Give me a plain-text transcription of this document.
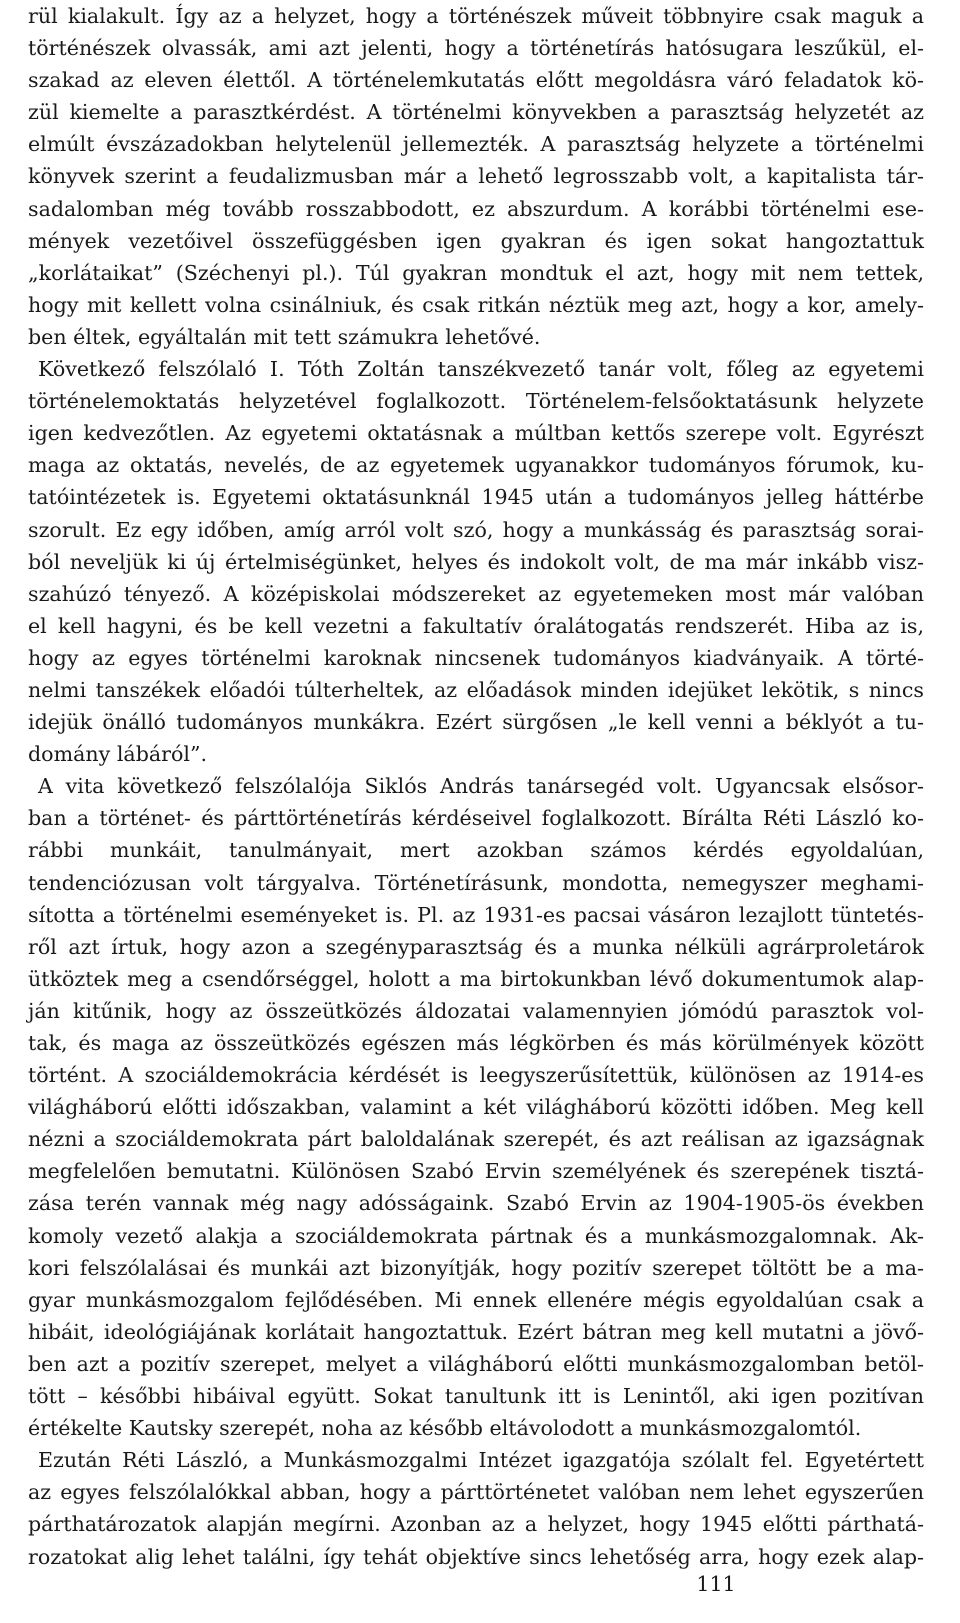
rül kialakult. Így az a helyzet, hogy a történészek műveit többnyire csak maguk a
történészek olvassák, ami azt jelenti, hogy a történetírás hatósugara leszűkül, el-
szakad az eleven élettől. A történelemkutatás előtt megoldásra váró feladatok kö-
zül kiemelte a parasztkérdést. A történelmi könyvekben a parasztság helyzetét az
elmúlt évszázadokban helytelenül jellemezték. A parasztság helyzete a történelmi
könyvek szerint a feudalizmusban már a lehető legrosszabb volt, a kapitalista tár-
sadalomban még tovább rosszabbodott, ez abszurdum. A korábbi történelmi ese-
mények vezetőivel összefüggésben igen gyakran és igen sokat hangoztattuk
„korlátaikat” (Széchenyi pl.). Túl gyakran mondtuk el azt, hogy mit nem tettek,
hogy mit kellett volna csinálniuk, és csak ritkán néztük meg azt, hogy a kor, amely-
ben éltek, egyáltalán mit tett számukra lehetővé.
Következő felszólaló I. Tóth Zoltán tanszékvezető tanár volt, főleg az egyetemi
történelemoktatás helyzetével foglalkozott. Történelem-felsőoktatásunk helyzete
igen kedvezőtlen. Az egyetemi oktatásnak a múltban kettős szerepe volt. Egyrészt
maga az oktatás, nevelés, de az egyetemek ugyanakkor tudományos fórumok, ku-
tatóintézetek is. Egyetemi oktatásunknál 1945 után a tudományos jelleg háttérbe
szorult. Ez egy időben, amíg arról volt szó, hogy a munkásság és parasztság sorai-
ból neveljük ki új értelmiségünket, helyes és indokolt volt, de ma már inkább visz-
szahúzó tényező. A középiskolai módszereket az egyetemeken most már valóban
el kell hagyni, és be kell vezetni a fakultatív óralátogatás rendszerét. Hiba az is,
hogy az egyes történelmi karoknak nincsenek tudományos kiadványaik. A törté-
nelmi tanszékek előadói túlterheltek, az előadások minden idejüket lekötik, s nincs
idejük önálló tudományos munkákra. Ezért sürgősen „le kell venni a béklyót a tu-
domány lábáról”.
A vita következő felszólalója Siklós András tanársegéd volt. Ugyancsak elsősor-
ban a történet- és párttörténetírás kérdéseivel foglalkozott. Bírálta Réti László ko-
rábbi munkáit, tanulmányait, mert azokban számos kérdés egyoldalúan,
tendenciózusan volt tárgyalva. Történetírásunk, mondotta, nemegyszer meghami-
sította a történelmi eseményeket is. Pl. az 1931-es pacsai vásáron lezajlott tüntetés-
ről azt írtuk, hogy azon a szegényparasztság és a munka nélküli agrárproletárok
ütköztek meg a csendőrséggel, holott a ma birtokunkban lévő dokumentumok alap-
ján kitűnik, hogy az összeütközés áldozatai valamennyien jómódú parasztok vol-
tak, és maga az összeütközés egészen más légkörben és más körülmények között
történt. A szociáldemokrácia kérdését is leegyszerűsítettük, különösen az 1914-es
világháború előtti időszakban, valamint a két világháború közötti időben. Meg kell
nézni a szociáldemokrata párt baloldalának szerepét, és azt reálisan az igazságnak
megfelelően bemutatni. Különösen Szabó Ervin személyének és szerepének tisztá-
zása terén vannak még nagy adósságaink. Szabó Ervin az 1904-1905-ös években
komoly vezető alakja a szociáldemokrata pártnak és a munkásmozgalomnak. Ak-
kori felszólalásai és munkái azt bizonyítják, hogy pozitív szerepet töltött be a ma-
gyar munkásmozgalom fejlődésében. Mi ennek ellenére mégis egyoldalúan csak a
hibáit, ideológiájának korlátait hangoztattuk. Ezért bátran meg kell mutatni a jövő-
ben azt a pozitív szerepet, melyet a világháború előtti munkásmozgalomban betöl-
tött – későbbi hibáival együtt. Sokat tanultunk itt is Lenintől, aki igen pozitívan
értékelte Kautsky szerepét, noha az később eltávolodott a munkásmozgalomtól.
Ezután Réti László, a Munkásmozgalmi Intézet igazgatója szólalt fel. Egyetértett
az egyes felszólalókkal abban, hogy a párttörténetet valóban nem lehet egyszerűen
párthatározatok alapján megírni. Azonban az a helyzet, hogy 1945 előtti párthatá-
rozatokat alig lehet találni, így tehát objektíve sincs lehetőség arra, hogy ezek alap-
111
